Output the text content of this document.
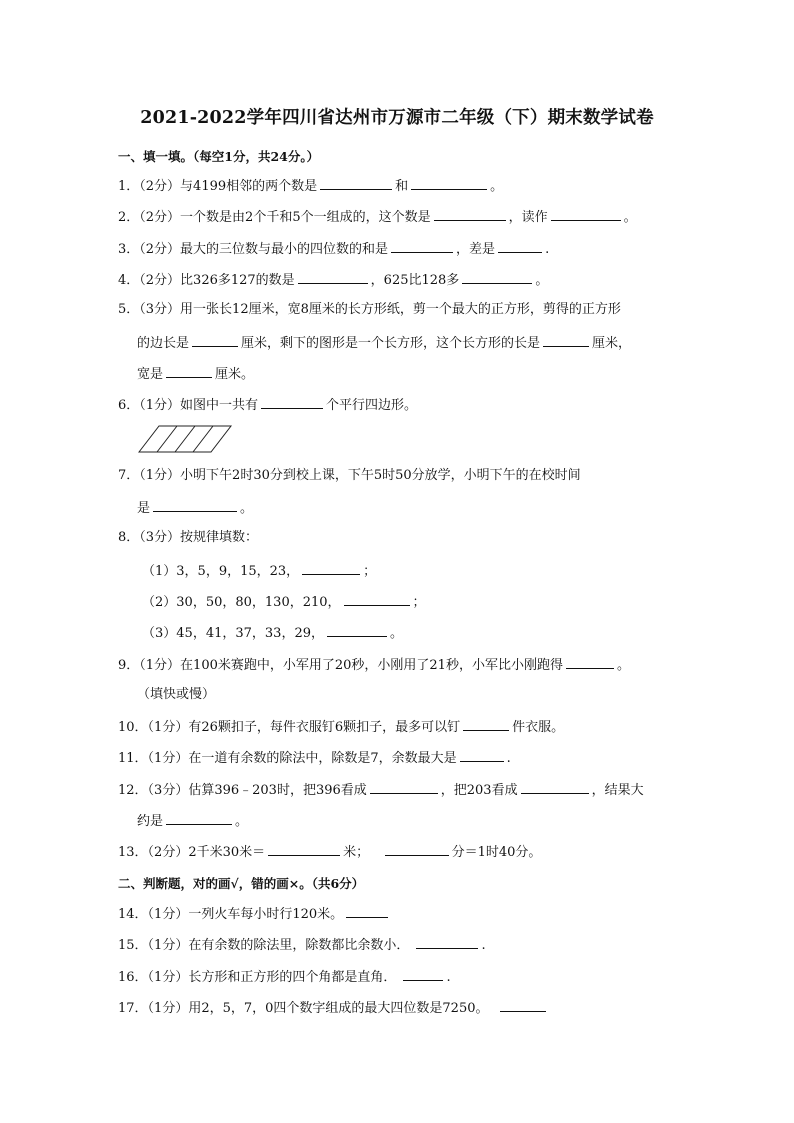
2021-2022学年四川省达州市万源市二年级（下）期末数学试卷
一、填一填。（每空1分，共24分。）
1．（2分）与4199相邻的两个数是	和	。
2．（2分）一个数是由2个千和5个一组成的，这个数是	，读作	。
3．（2分）最大的三位数与最小的四位数的和是	，差是	.
4．（2分）比326多127的数是	，625比128多	。
5．（3分）用一张长12厘米，宽8厘米的长方形纸，剪一个最大的正方形，剪得的正方形
的边长是	厘米，剩下的图形是一个长方形，这个长方形的长是	厘米，
宽是	厘米。
6．（1分）如图中一共有	个平行四边形。
7．（1分）小明下午2时30分到校上课，下午5时50分放学，小明下午的在校时间
是	。
8．（3分）按规律填数：
（1）3，5，9，15，23，	；
（2）30，50，80，130，210，	；
（3）45，41，37，33，29，	。
9．（1分）在100米赛跑中，小军用了20秒，小刚用了21秒，小军比小刚跑得	。
（填快或慢）
10．（1分）有26颗扣子，每件衣服钉6颗扣子，最多可以钉	件衣服。
11．（1分）在一道有余数的除法中，除数是7，余数最大是	.
12．（3分）估算396﹣203时，把396看成	，把203看成	，结果大
约是	。
13．（2分）2千米30米＝	米；	分＝1时40分。
二、判断题，对的画√，错的画×。（共6分）
14．（1分）一列火车每小时行120米。
15．（1分）在有余数的除法里，除数都比余数小．	.
16．（1分）长方形和正方形的四个角都是直角．	.
17．（1分）用2，5，7，0四个数字组成的最大四位数是7250。
